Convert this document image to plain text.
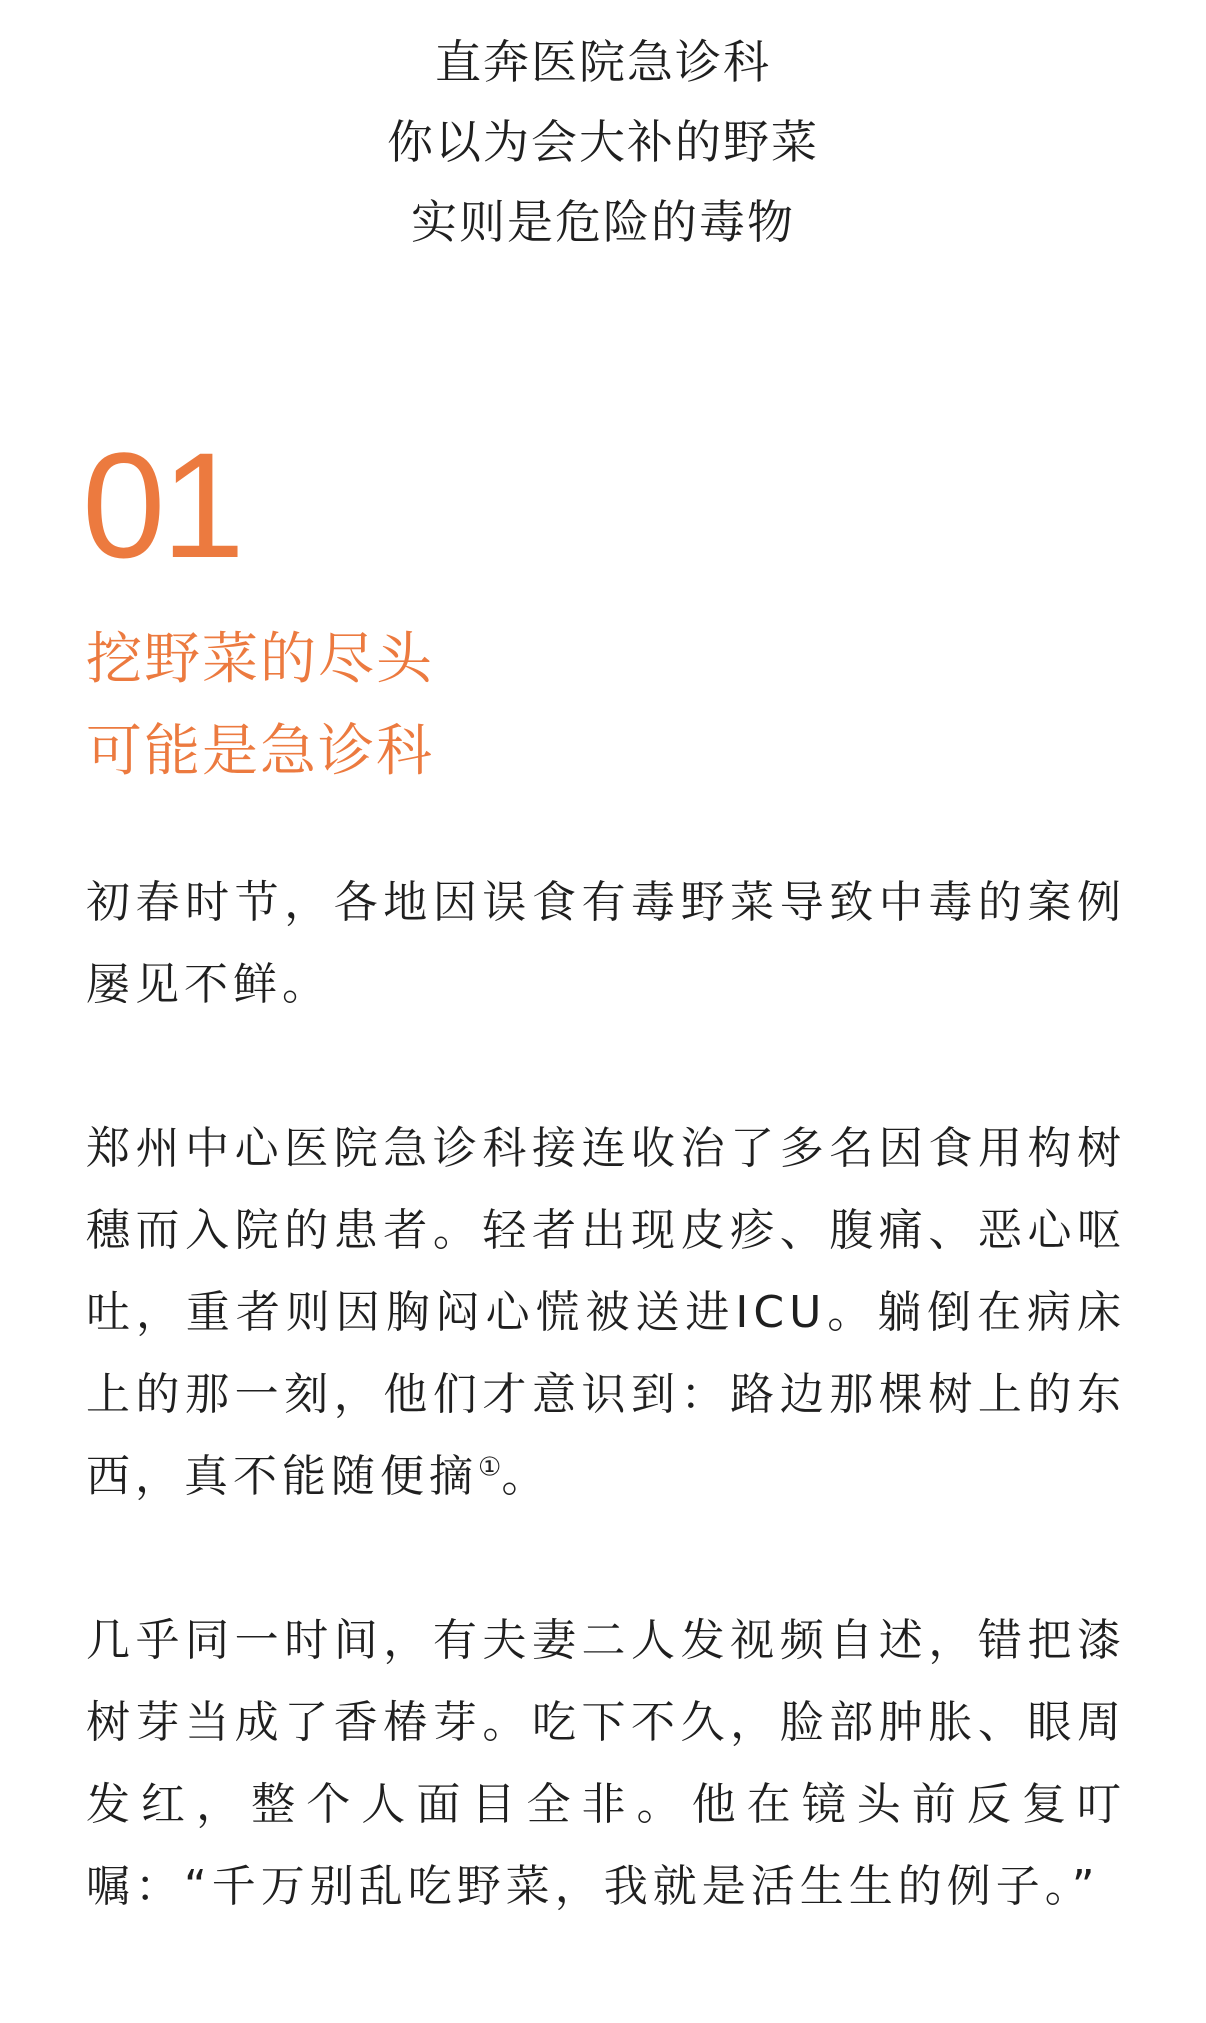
直奔医院急诊科
你以为会大补的野菜
实则是危险的毒物
01
挖野菜的尽头
可能是急诊科

初春时节，各地因误食有毒野菜导致中毒的案例屡见不鲜。

郑州中心医院急诊科接连收治了多名因食用构树穗而入院的患者。轻者出现皮疹、腹痛、恶心呕吐，重者则因胸闷心慌被送进ICU。躺倒在病床上的那一刻，他们才意识到：路边那棵树上的东西，真不能随便摘①。

几乎同一时间，有夫妻二人发视频自述，错把漆树芽当成了香椿芽。吃下不久，脸部肿胀、眼周发红，整个人面目全非。他在镜头前反复叮嘱：“千万别乱吃野菜，我就是活生生的例子。”
